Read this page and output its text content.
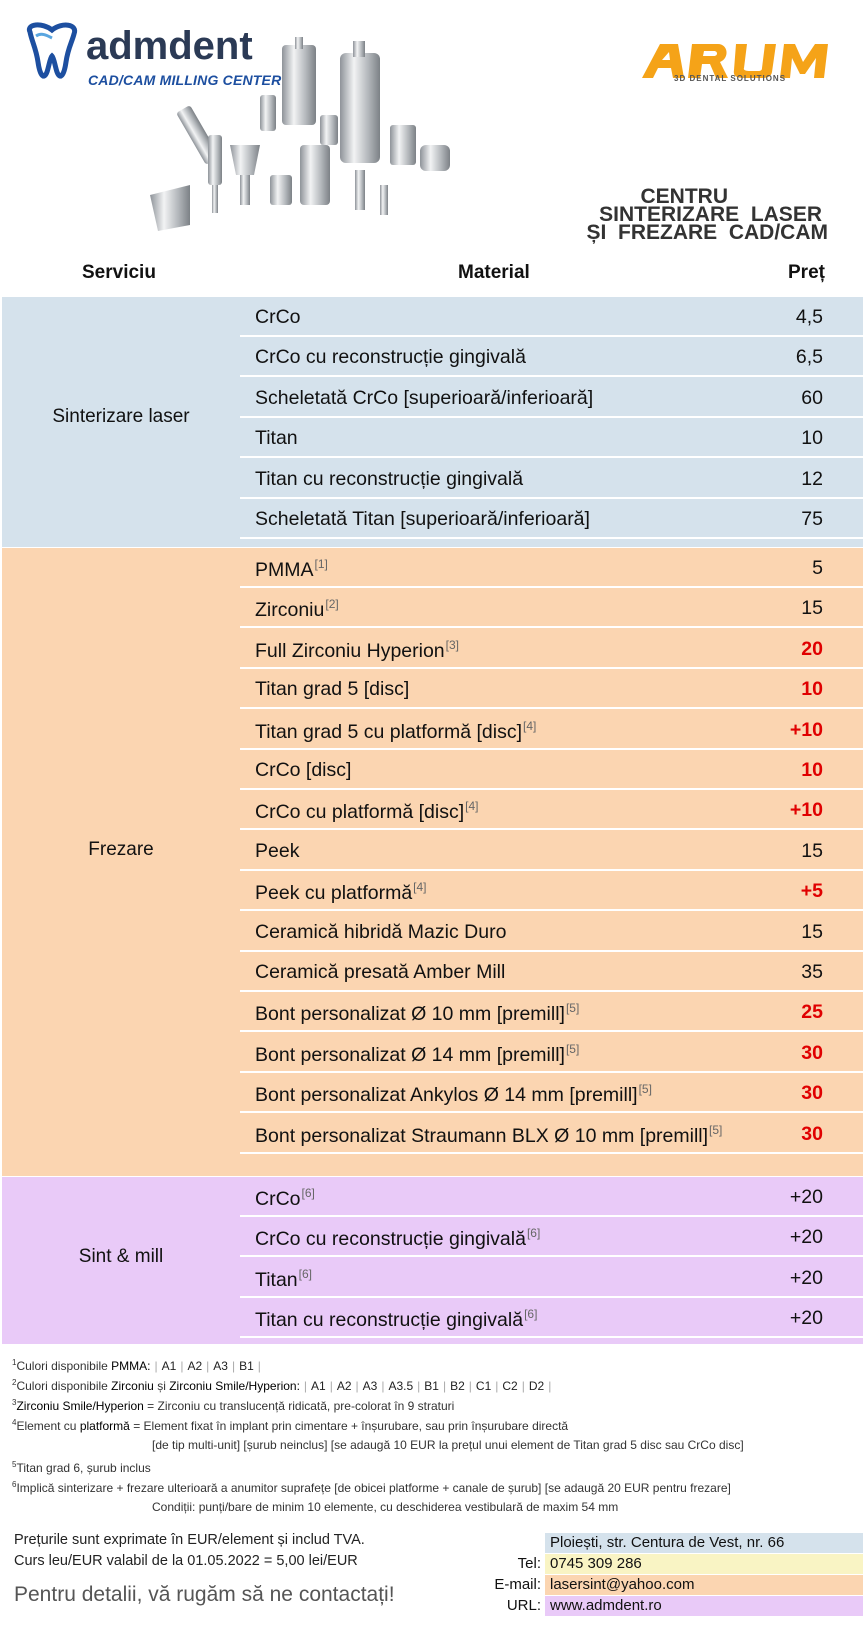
admdent
CAD/CAM MILLING CENTER	3D DENTAL SOLUTIONS
CENTRU
SINTERIZARE  LASER
ȘI  FREZARE  CAD/CAM
Serviciu	Material	Preț
Sinterizare laser
CrCo	4,5
CrCo cu reconstrucție gingivală	6,5
Scheletată CrCo [superioară/inferioară]	60
Titan	10
Titan cu reconstrucție gingivală	12
Scheletată Titan [superioară/inferioară]	75
Frezare
PMMA[1]	5
Zirconiu[2]	15
Full Zirconiu Hyperion[3]	20
Titan grad 5 [disc]	10
Titan grad 5 cu platformă [disc][4]	+10
CrCo [disc]	10
CrCo cu platformă [disc][4]	+10
Peek	15
Peek cu platformă[4]	+5
Ceramică hibridă Mazic Duro	15
Ceramică presată Amber Mill	35
Bont personalizat Ø 10 mm [premill][5]	25
Bont personalizat Ø 14 mm [premill][5]	30
Bont personalizat Ankylos Ø 14 mm [premill][5]	30
Bont personalizat Straumann BLX Ø 10 mm [premill][5]	30
Sint & mill
CrCo[6]	+20
CrCo cu reconstrucție gingivală[6]	+20
Titan[6]	+20
Titan cu reconstrucție gingivală[6]	+20
$^1$Culori disponibile PMMA: | A1 | A2 | A3 | B1 |
$^2$Culori disponibile Zirconiu și Zirconiu Smile/Hyperion: | A1 | A2 | A3 | A3.5 | B1 | B2 | C1 | C2 | D2 |
$^3$Zirconiu Smile/Hyperion = Zirconiu cu translucență ridicată, pre-colorat în 9 straturi
$^4$Element cu platformă = Element fixat în implant prin cimentare + înșurubare, sau prin înșurubare directă
[de tip multi-unit] [șurub neinclus] [se adaugă 10 EUR la prețul unui element de Titan grad 5 disc sau CrCo disc]
$^5$Titan grad 6, șurub inclus
$^6$Implică sinterizare + frezare ulterioară a anumitor suprafețe [de obicei platforme + canale de șurub] [se adaugă 20 EUR pentru frezare]
Condiții: punți/bare de minim 10 elemente, cu deschiderea vestibulară de maxim 54 mm
Prețurile sunt exprimate în EUR/element și includ TVA.
Curs leu/EUR valabil de la 01.05.2022 = 5,00 lei/EUR
Pentru detalii, vă rugăm să ne contactați!
Ploiești, str. Centura de Vest, nr. 66
Tel: 0745 309 286
E-mail: lasersint@yahoo.com
URL: www.admdent.ro
